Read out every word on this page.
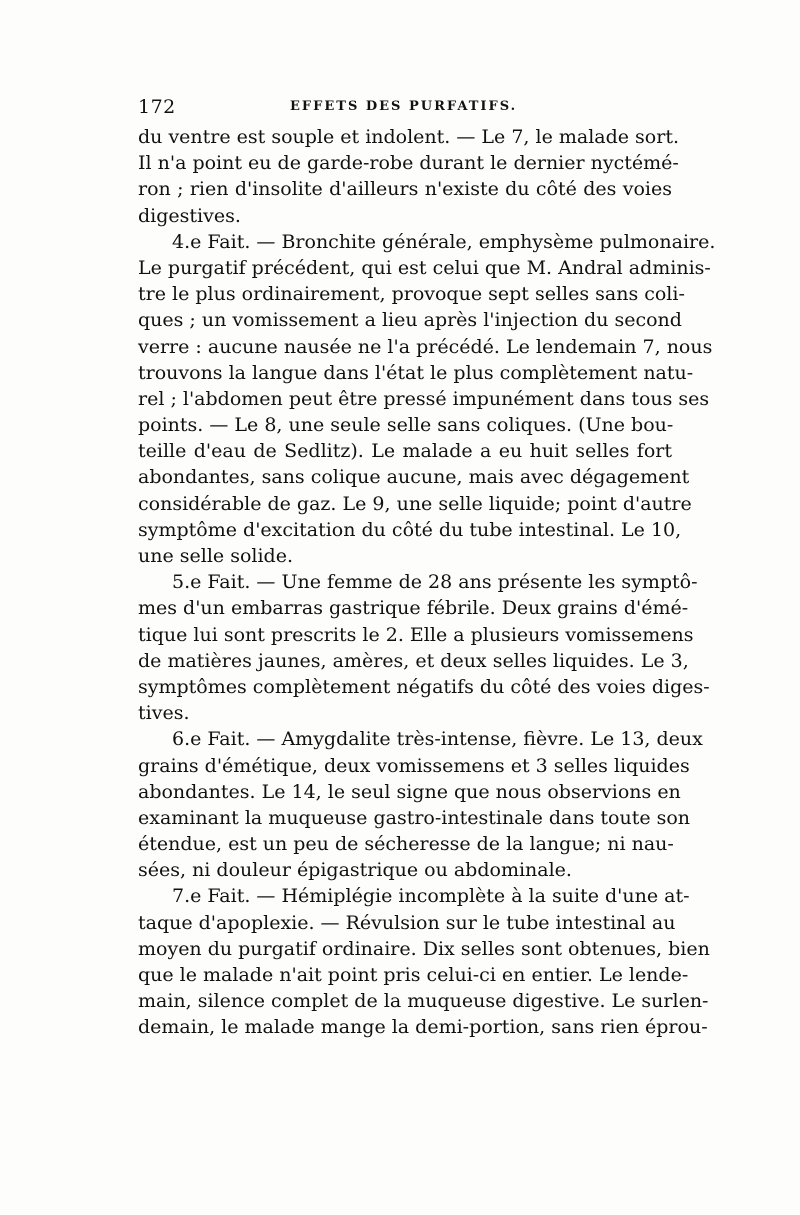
172	EFFETS DES PURFATIFS.
du ventre est souple et indolent. — Le 7, le malade sort.
Il n'a point eu de garde-robe durant le dernier nyctémé-
ron ; rien d'insolite d'ailleurs n'existe du côté des voies
digestives.
4.e Fait. — Bronchite générale, emphysème pulmonaire.
Le purgatif précédent, qui est celui que M. Andral adminis-
tre le plus ordinairement, provoque sept selles sans coli-
ques ; un vomissement a lieu après l'injection du second
verre : aucune nausée ne l'a précédé. Le lendemain 7, nous
trouvons la langue dans l'état le plus complètement natu-
rel ; l'abdomen peut être pressé impunément dans tous ses
points. — Le 8, une seule selle sans coliques. (Une bou-
teille d'eau de Sedlitz). Le malade a eu huit selles fort
abondantes, sans colique aucune, mais avec dégagement
considérable de gaz. Le 9, une selle liquide; point d'autre
symptôme d'excitation du côté du tube intestinal. Le 10,
une selle solide.
5.e Fait. — Une femme de 28 ans présente les symptô-
mes d'un embarras gastrique fébrile. Deux grains d'émé-
tique lui sont prescrits le 2. Elle a plusieurs vomissemens
de matières jaunes, amères, et deux selles liquides. Le 3,
symptômes complètement négatifs du côté des voies diges-
tives.
6.e Fait. — Amygdalite très-intense, fièvre. Le 13, deux
grains d'émétique, deux vomissemens et 3 selles liquides
abondantes. Le 14, le seul signe que nous observions en
examinant la muqueuse gastro-intestinale dans toute son
étendue, est un peu de sécheresse de la langue; ni nau-
sées, ni douleur épigastrique ou abdominale.
7.e Fait. — Hémiplégie incomplète à la suite d'une at-
taque d'apoplexie. — Révulsion sur le tube intestinal au
moyen du purgatif ordinaire. Dix selles sont obtenues, bien
que le malade n'ait point pris celui-ci en entier. Le lende-
main, silence complet de la muqueuse digestive. Le surlen-
demain, le malade mange la demi-portion, sans rien éprou-
